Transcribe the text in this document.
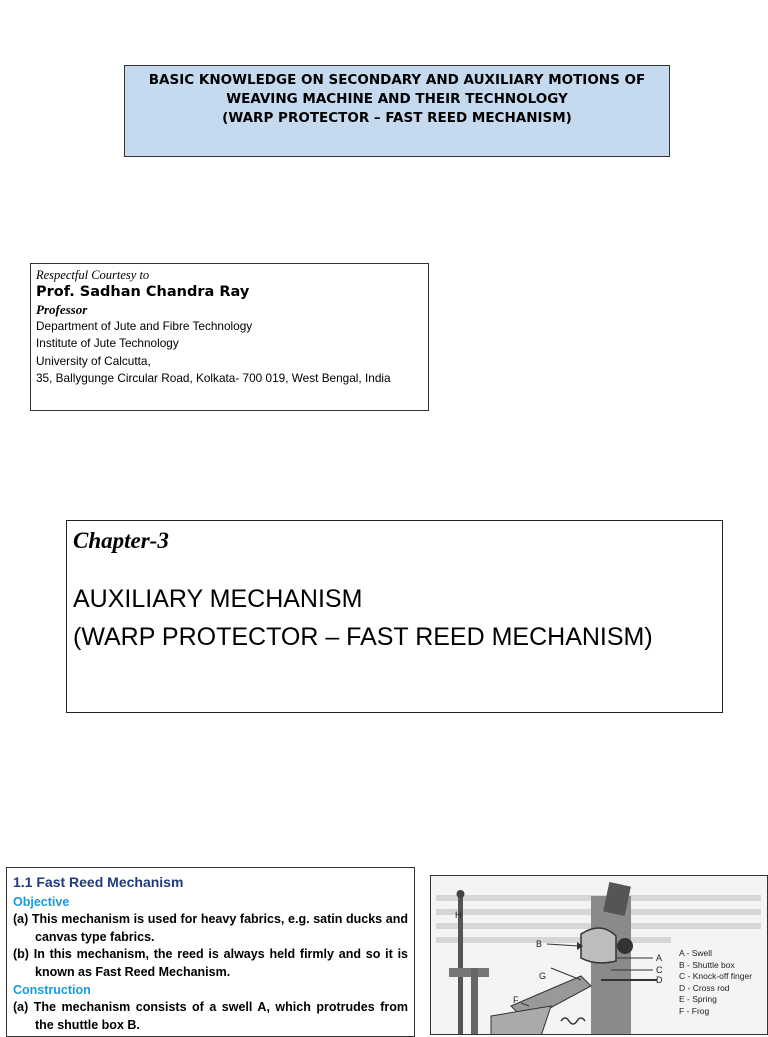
BASIC KNOWLEDGE ON SECONDARY AND AUXILIARY MOTIONS OF
WEAVING MACHINE AND THEIR TECHNOLOGY
(WARP PROTECTOR – FAST REED MECHANISM)
Respectful Courtesy to
Prof. Sadhan Chandra Ray
Professor
Department of Jute and Fibre Technology
Institute of Jute Technology
University of Calcutta,
35, Ballygunge Circular Road, Kolkata- 700 019, West Bengal, India
Chapter-3
AUXILIARY MECHANISM
(WARP PROTECTOR – FAST REED MECHANISM)
1.1 Fast Reed Mechanism
Objective
(a) This mechanism is used for heavy fabrics, e.g. satin ducks and canvas type fabrics.
(b) In this mechanism, the reed is always held firmly and so it is known as Fast Reed Mechanism.
Construction
(a) The mechanism consists of a swell A, which protrudes from the shuttle box B.
H
B
G
A
C
D
F
A - Swell
B - Shuttle box
C - Knock-off finger
D - Cross rod
E - Spring
F - Frog
